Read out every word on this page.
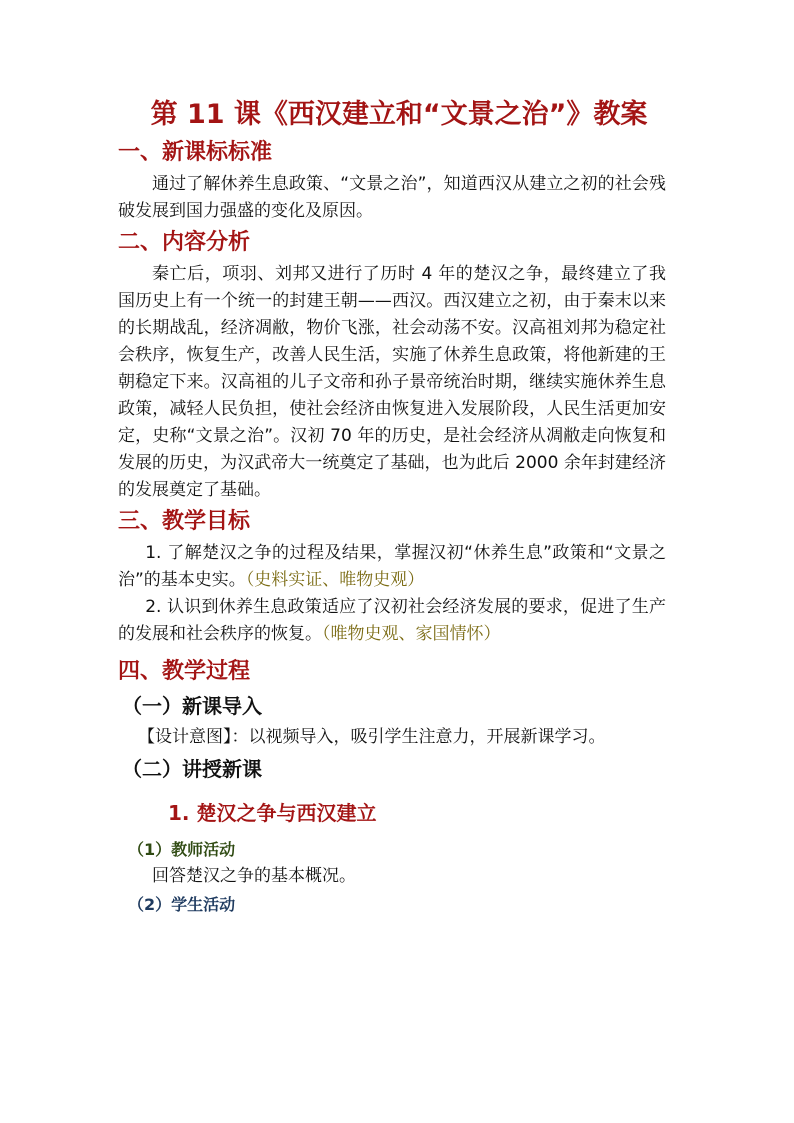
第 11 课《西汉建立和“文景之治”》教案
一、新课标标准

通过了解休养生息政策、“文景之治”，知道西汉从建立之初的社会残破发展到国力强盛的变化及原因。

二、内容分析

秦亡后，项羽、刘邦又进行了历时 4 年的楚汉之争，最终建立了我国历史上有一个统一的封建王朝——西汉。西汉建立之初，由于秦末以来的长期战乱，经济凋敝，物价飞涨，社会动荡不安。汉高祖刘邦为稳定社会秩序，恢复生产，改善人民生活，实施了休养生息政策，将他新建的王朝稳定下来。汉高祖的儿子文帝和孙子景帝统治时期，继续实施休养生息政策，减轻人民负担，使社会经济由恢复进入发展阶段，人民生活更加安定，史称“文景之治”。汉初 70 年的历史，是社会经济从凋敝走向恢复和发展的历史，为汉武帝大一统奠定了基础，也为此后 2000 余年封建经济的发展奠定了基础。

三、教学目标

1. 了解楚汉之争的过程及结果，掌握汉初“休养生息”政策和“文景之治”的基本史实。（史料实证、唯物史观）

2. 认识到休养生息政策适应了汉初社会经济发展的要求，促进了生产的发展和社会秩序的恢复。（唯物史观、家国情怀）

四、教学过程
（一）新课导入

【设计意图】：以视频导入，吸引学生注意力，开展新课学习。

（二）讲授新课
1. 楚汉之争与西汉建立
（1）教师活动

回答楚汉之争的基本概况。

（2）学生活动
